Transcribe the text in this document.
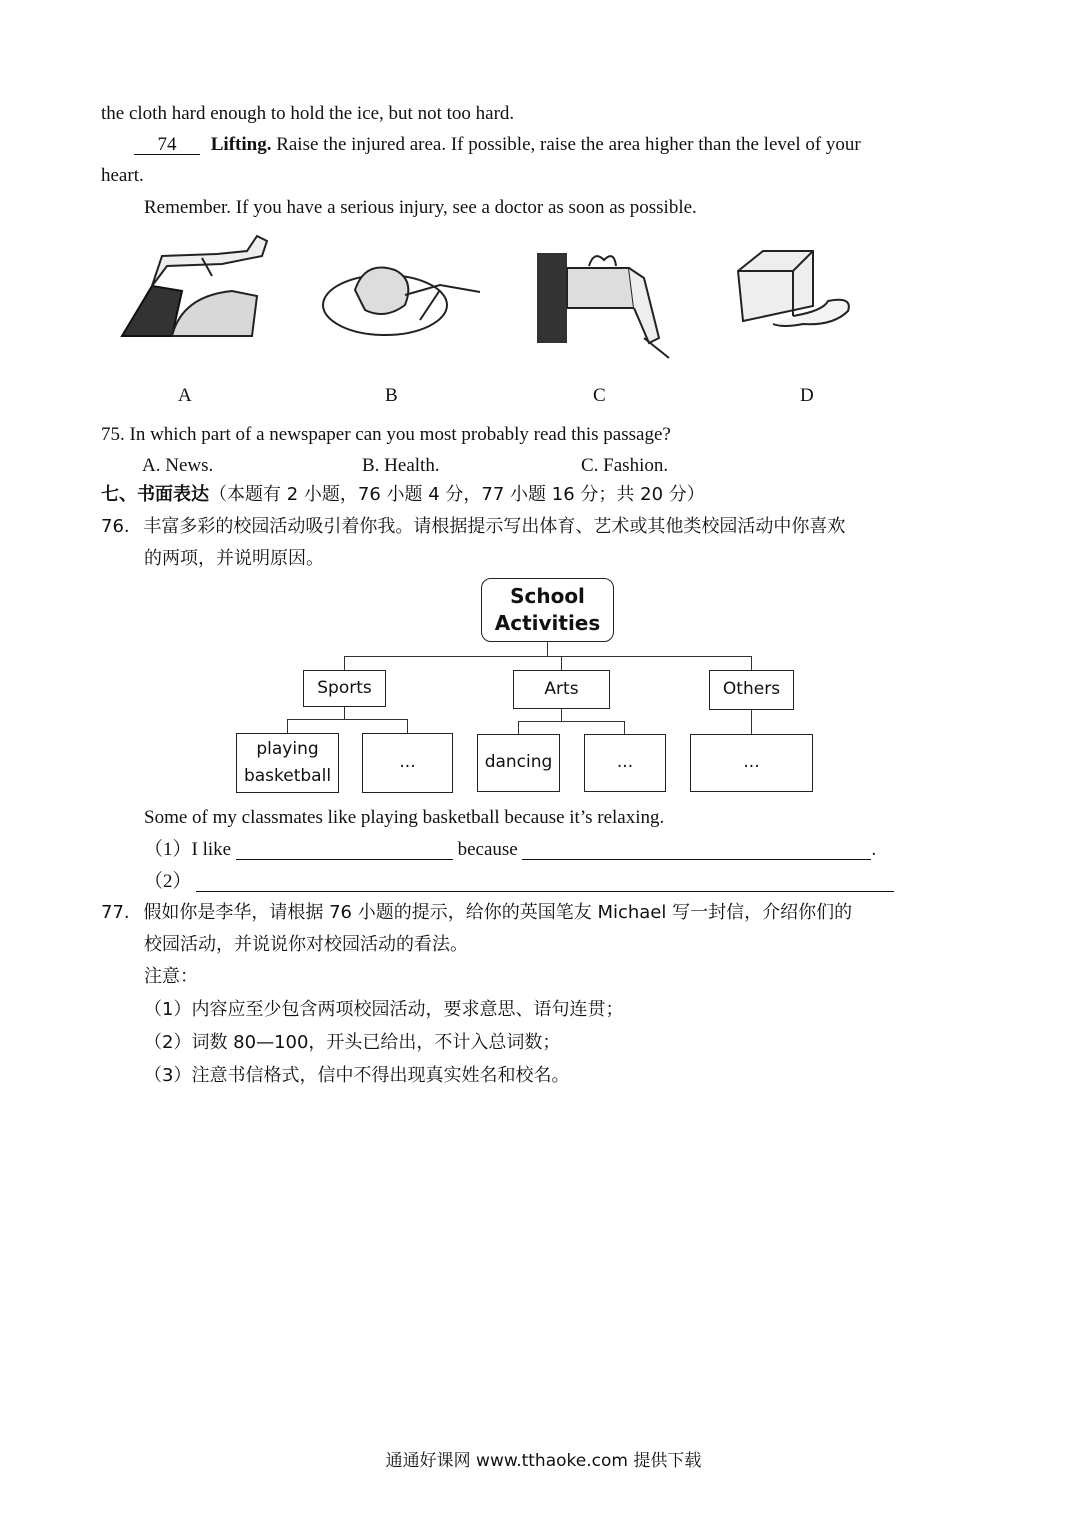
the cloth hard enough to hold the ice, but not too hard.
74 Lifting. Raise the injured area. If possible, raise the area higher than the level of your
heart.
Remember. If you have a serious injury, see a doctor as soon as possible.
A	B	C	D
75. In which part of a newspaper can you most probably read this passage?
A. News.	B. Health.	C. Fashion.
七、书面表达（本题有 2 小题，76 小题 4 分，77 小题 16 分；共 20 分）
76. 丰富多彩的校园活动吸引着你我。请根据提示写出体育、艺术或其他类校园活动中你喜欢
的两项，并说明原因。
School
Activities
Sports	Arts	Others
playing
basketball
...	dancing	...	...
Some of my classmates like playing basketball because it’s relaxing.
（1）I like	because	.
（2）
77. 假如你是李华，请根据 76 小题的提示，给你的英国笔友 Michael 写一封信，介绍你们的
校园活动，并说说你对校园活动的看法。
注意：
（1）内容应至少包含两项校园活动，要求意思、语句连贯；
（2）词数 80—100，开头已给出，不计入总词数；
（3）注意书信格式，信中不得出现真实姓名和校名。
通通好课网 www.tthaoke.com 提供下载
